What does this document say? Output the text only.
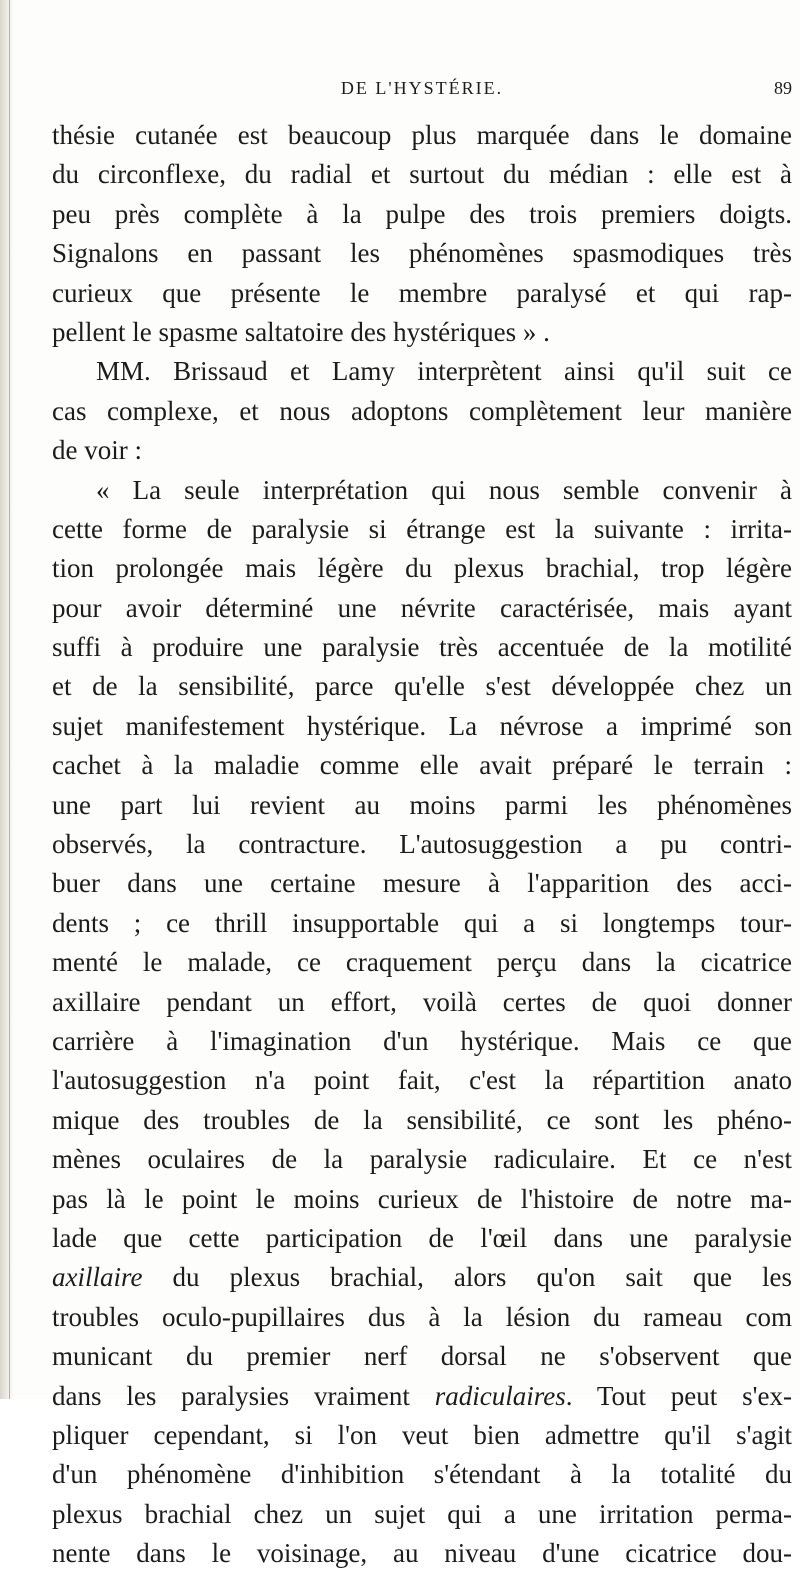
DE L'HYSTÉRIE.	89
thésie cutanée est beaucoup plus marquée dans le domaine
du circonflexe, du radial et surtout du médian : elle est à
peu près complète à la pulpe des trois premiers doigts.
Signalons en passant les phénomènes spasmodiques très
curieux que présente le membre paralysé et qui rap-
pellent le spasme saltatoire des hystériques » .
MM. Brissaud et Lamy interprètent ainsi qu'il suit ce
cas complexe, et nous adoptons complètement leur manière
de voir :
« La seule interprétation qui nous semble convenir à
cette forme de paralysie si étrange est la suivante : irrita-
tion prolongée mais légère du plexus brachial, trop légère
pour avoir déterminé une névrite caractérisée, mais ayant
suffi à produire une paralysie très accentuée de la motilité
et de la sensibilité, parce qu'elle s'est développée chez un
sujet manifestement hystérique. La névrose a imprimé son
cachet à la maladie comme elle avait préparé le terrain :
une part lui revient au moins parmi les phénomènes
observés, la contracture. L'autosuggestion a pu contri-
buer dans une certaine mesure à l'apparition des acci-
dents ; ce thrill insupportable qui a si longtemps tour-
menté le malade, ce craquement perçu dans la cicatrice
axillaire pendant un effort, voilà certes de quoi donner
carrière à l'imagination d'un hystérique. Mais ce que
l'autosuggestion n'a point fait, c'est la répartition anato
mique des troubles de la sensibilité, ce sont les phéno-
mènes oculaires de la paralysie radiculaire. Et ce n'est
pas là le point le moins curieux de l'histoire de notre ma-
lade que cette participation de l'œil dans une paralysie
axillaire du plexus brachial, alors qu'on sait que les
troubles oculo-pupillaires dus à la lésion du rameau com
municant du premier nerf dorsal ne s'observent que
dans les paralysies vraiment radiculaires. Tout peut s'ex-
pliquer cependant, si l'on veut bien admettre qu'il s'agit
d'un phénomène d'inhibition s'étendant à la totalité du
plexus brachial chez un sujet qui a une irritation perma-
nente dans le voisinage, au niveau d'une cicatrice dou-
